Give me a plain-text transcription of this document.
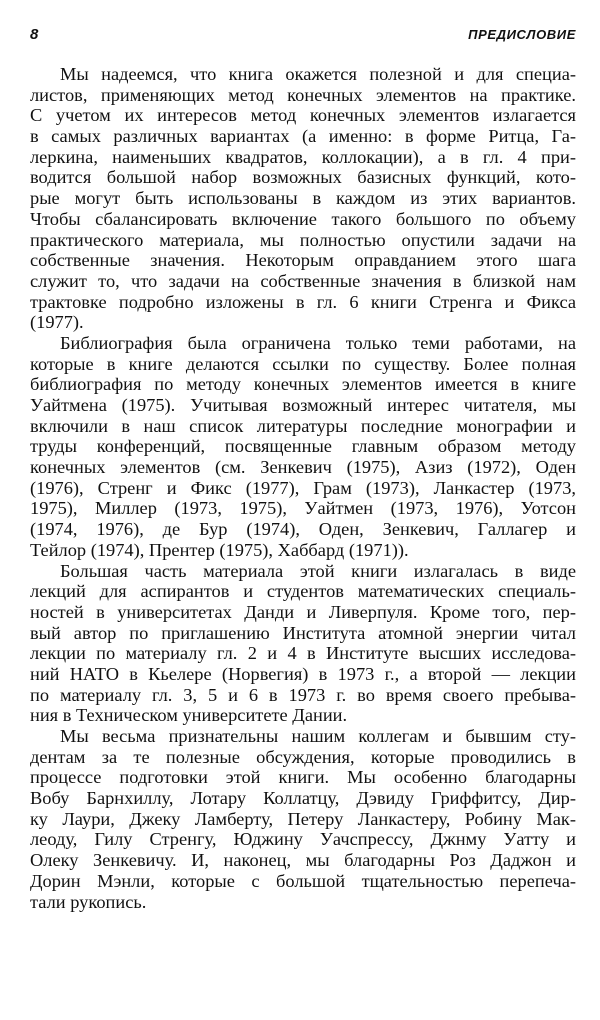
8	ПРЕДИСЛОВИЕ
Мы надеемся, что книга окажется полезной и для специа-
листов, применяющих метод конечных элементов на практике.
С учетом их интересов метод конечных элементов излагается
в самых различных вариантах (а именно: в форме Ритца, Га-
леркина, наименьших квадратов, коллокации), а в гл. 4 при-
водится большой набор возможных базисных функций, кото-
рые могут быть использованы в каждом из этих вариантов.
Чтобы сбалансировать включение такого большого по объему
практического материала, мы полностью опустили задачи на
собственные значения. Некоторым оправданием этого шага
служит то, что задачи на собственные значения в близкой нам
трактовке подробно изложены в гл. 6 книги Стренга и Фикса
(1977).
Библиография была ограничена только теми работами, на
которые в книге делаются ссылки по существу. Более полная
библиография по методу конечных элементов имеется в книге
Уайтмена (1975). Учитывая возможный интерес читателя, мы
включили в наш список литературы последние монографии и
труды конференций, посвященные главным образом методу
конечных элементов (см. Зенкевич (1975), Азиз (1972), Оден
(1976), Стренг и Фикс (1977), Грам (1973), Ланкастер (1973,
1975), Миллер (1973, 1975), Уайтмен (1973, 1976), Уотсон
(1974, 1976), де Бур (1974), Оден, Зенкевич, Галлагер и
Тейлор (1974), Прентер (1975), Хаббард (1971)).
Большая часть материала этой книги излагалась в виде
лекций для аспирантов и студентов математических специаль-
ностей в университетах Данди и Ливерпуля. Кроме того, пер-
вый автор по приглашению Института атомной энергии читал
лекции по материалу гл. 2 и 4 в Институте высших исследова-
ний НАТО в Кьелере (Норвегия) в 1973 г., а второй — лекции
по материалу гл. 3, 5 и 6 в 1973 г. во время своего пребыва-
ния в Техническом университете Дании.
Мы весьма признательны нашим коллегам и бывшим сту-
дентам за те полезные обсуждения, которые проводились в
процессе подготовки этой книги. Мы особенно благодарны
Вобу Барнхиллу, Лотару Коллатцу, Дэвиду Гриффитсу, Дир-
ку Лаури, Джеку Ламберту, Петеру Ланкастеру, Робину Мак-
леоду, Гилу Стренгу, Юджину Уачспрессу, Джнму Уатту и
Олеку Зенкевичу. И, наконец, мы благодарны Роз Даджон и
Дорин Мэнли, которые с большой тщательностью перепеча-
тали рукопись.
